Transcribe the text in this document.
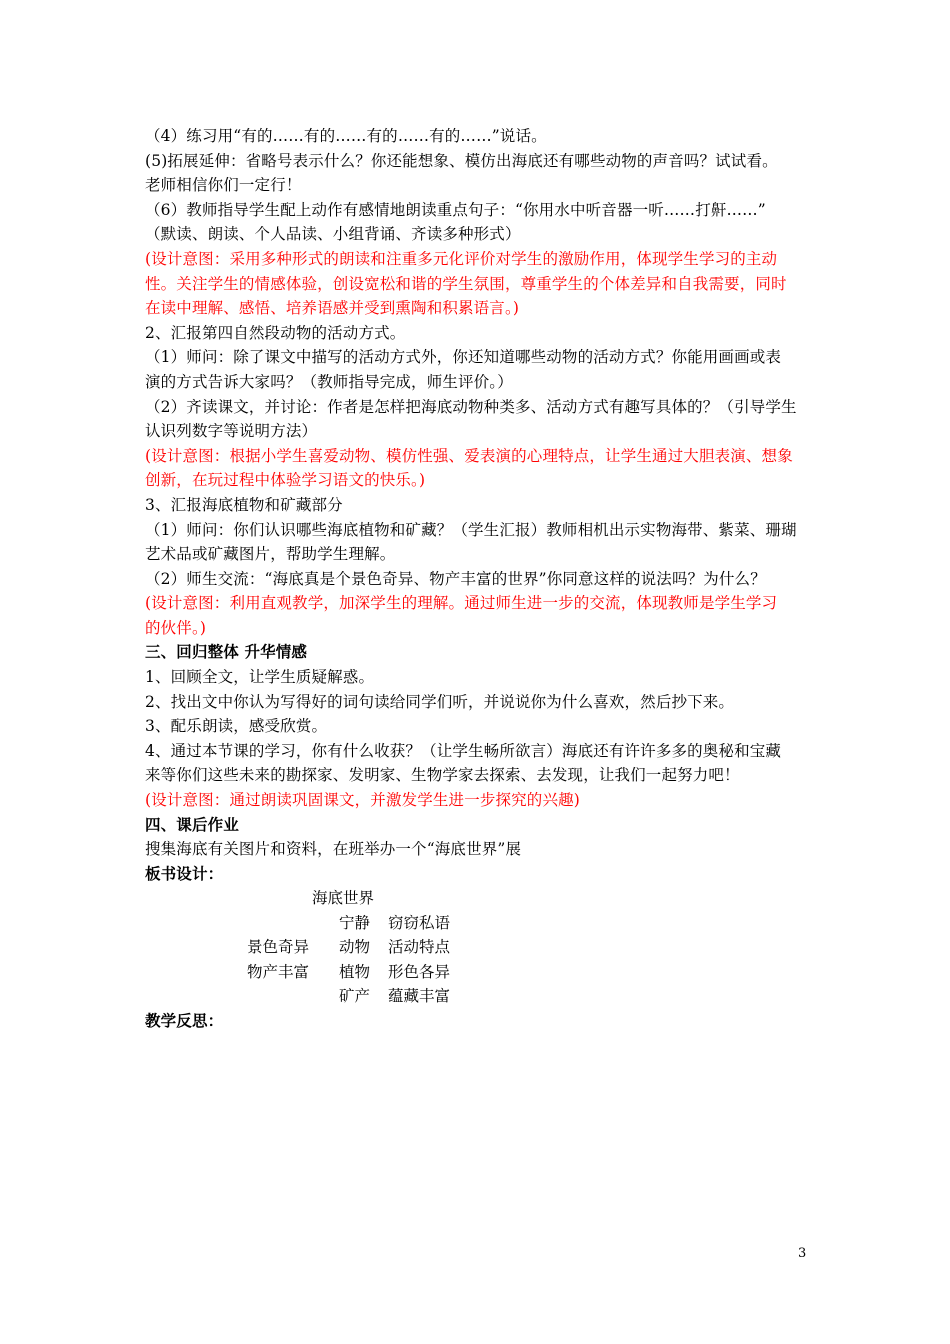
（4）练习用“有的……有的……有的……有的……”说话。
(5)拓展延伸：省略号表示什么？你还能想象、模仿出海底还有哪些动物的声音吗？试试看。
老师相信你们一定行！
（6）教师指导学生配上动作有感情地朗读重点句子：“你用水中听音器一听……打鼾……”
（默读、朗读、个人品读、小组背诵、齐读多种形式）
(设计意图：采用多种形式的朗读和注重多元化评价对学生的激励作用，体现学生学习的主动
性。关注学生的情感体验，创设宽松和谐的学生氛围，尊重学生的个体差异和自我需要，同时
在读中理解、感悟、培养语感并受到熏陶和积累语言。)
2、汇报第四自然段动物的活动方式。
（1）师问：除了课文中描写的活动方式外，你还知道哪些动物的活动方式？你能用画画或表
演的方式告诉大家吗？（教师指导完成，师生评价。）
（2）齐读课文，并讨论：作者是怎样把海底动物种类多、活动方式有趣写具体的？（引导学生
认识列数字等说明方法）
(设计意图：根据小学生喜爱动物、模仿性强、爱表演的心理特点，让学生通过大胆表演、想象
创新，在玩过程中体验学习语文的快乐。)
3、汇报海底植物和矿藏部分
（1）师问：你们认识哪些海底植物和矿藏？（学生汇报）教师相机出示实物海带、紫菜、珊瑚
艺术品或矿藏图片，帮助学生理解。
（2）师生交流：“海底真是个景色奇异、物产丰富的世界”你同意这样的说法吗？为什么？
(设计意图：利用直观教学，加深学生的理解。通过师生进一步的交流，体现教师是学生学习
的伙伴。)
三、回归整体 升华情感
1、回顾全文，让学生质疑解惑。
2、找出文中你认为写得好的词句读给同学们听，并说说你为什么喜欢，然后抄下来。
3、配乐朗读，感受欣赏。
4、通过本节课的学习，你有什么收获？（让学生畅所欲言）海底还有许许多多的奥秘和宝藏
来等你们这些未来的勘探家、发明家、生物学家去探索、去发现，让我们一起努力吧！
(设计意图：通过朗读巩固课文，并激发学生进一步探究的兴趣)
四、课后作业
搜集海底有关图片和资料，在班举办一个“海底世界”展
板书设计：
海底世界
景色奇异
物产丰富
宁静 窃窃私语
动物 活动特点
植物 形色各异
矿产 蕴藏丰富
教学反思：
3
